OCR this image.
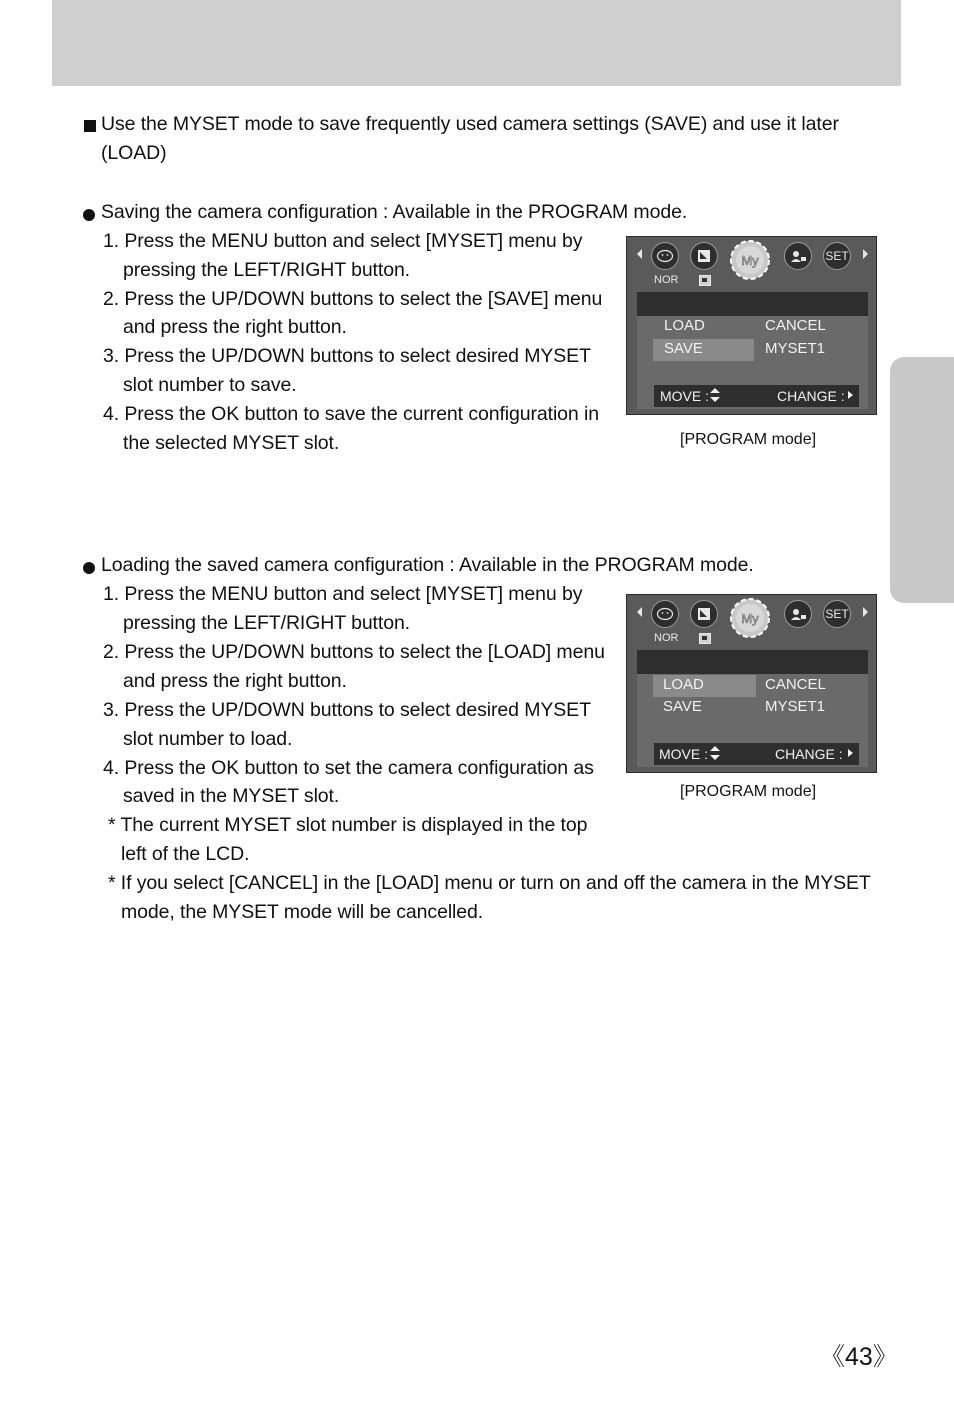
Use the MYSET mode to save frequently used camera settings (SAVE) and use it later
(LOAD)
Saving the camera configuration : Available in the PROGRAM mode.
1. Press the MENU button and select [MYSET] menu by
pressing the LEFT/RIGHT button.
2. Press the UP/DOWN buttons to select the [SAVE] menu
and press the right button.
3. Press the UP/DOWN buttons to select desired MYSET
slot number to save.
4. Press the OK button to save the current configuration in
the selected MYSET slot.
My	SET
NOR
LOAD
SAVE
CANCEL
MYSET1
MOVE :	CHANGE :
[PROGRAM mode]
Loading the saved camera configuration : Available in the PROGRAM mode.
1. Press the MENU button and select [MYSET] menu by
pressing the LEFT/RIGHT button.
2. Press the UP/DOWN buttons to select the [LOAD] menu
and press the right button.
3. Press the UP/DOWN buttons to select desired MYSET
slot number to load.
4. Press the OK button to set the camera configuration as
saved in the MYSET slot.
* The current MYSET slot number is displayed in the top
left of the LCD.
* If you select [CANCEL] in the [LOAD] menu or turn on and off the camera in the MYSET
mode, the MYSET mode will be cancelled.
My	SET
NOR
LOAD
SAVE
CANCEL
MYSET1
MOVE :	CHANGE :
[PROGRAM mode]
《43》
